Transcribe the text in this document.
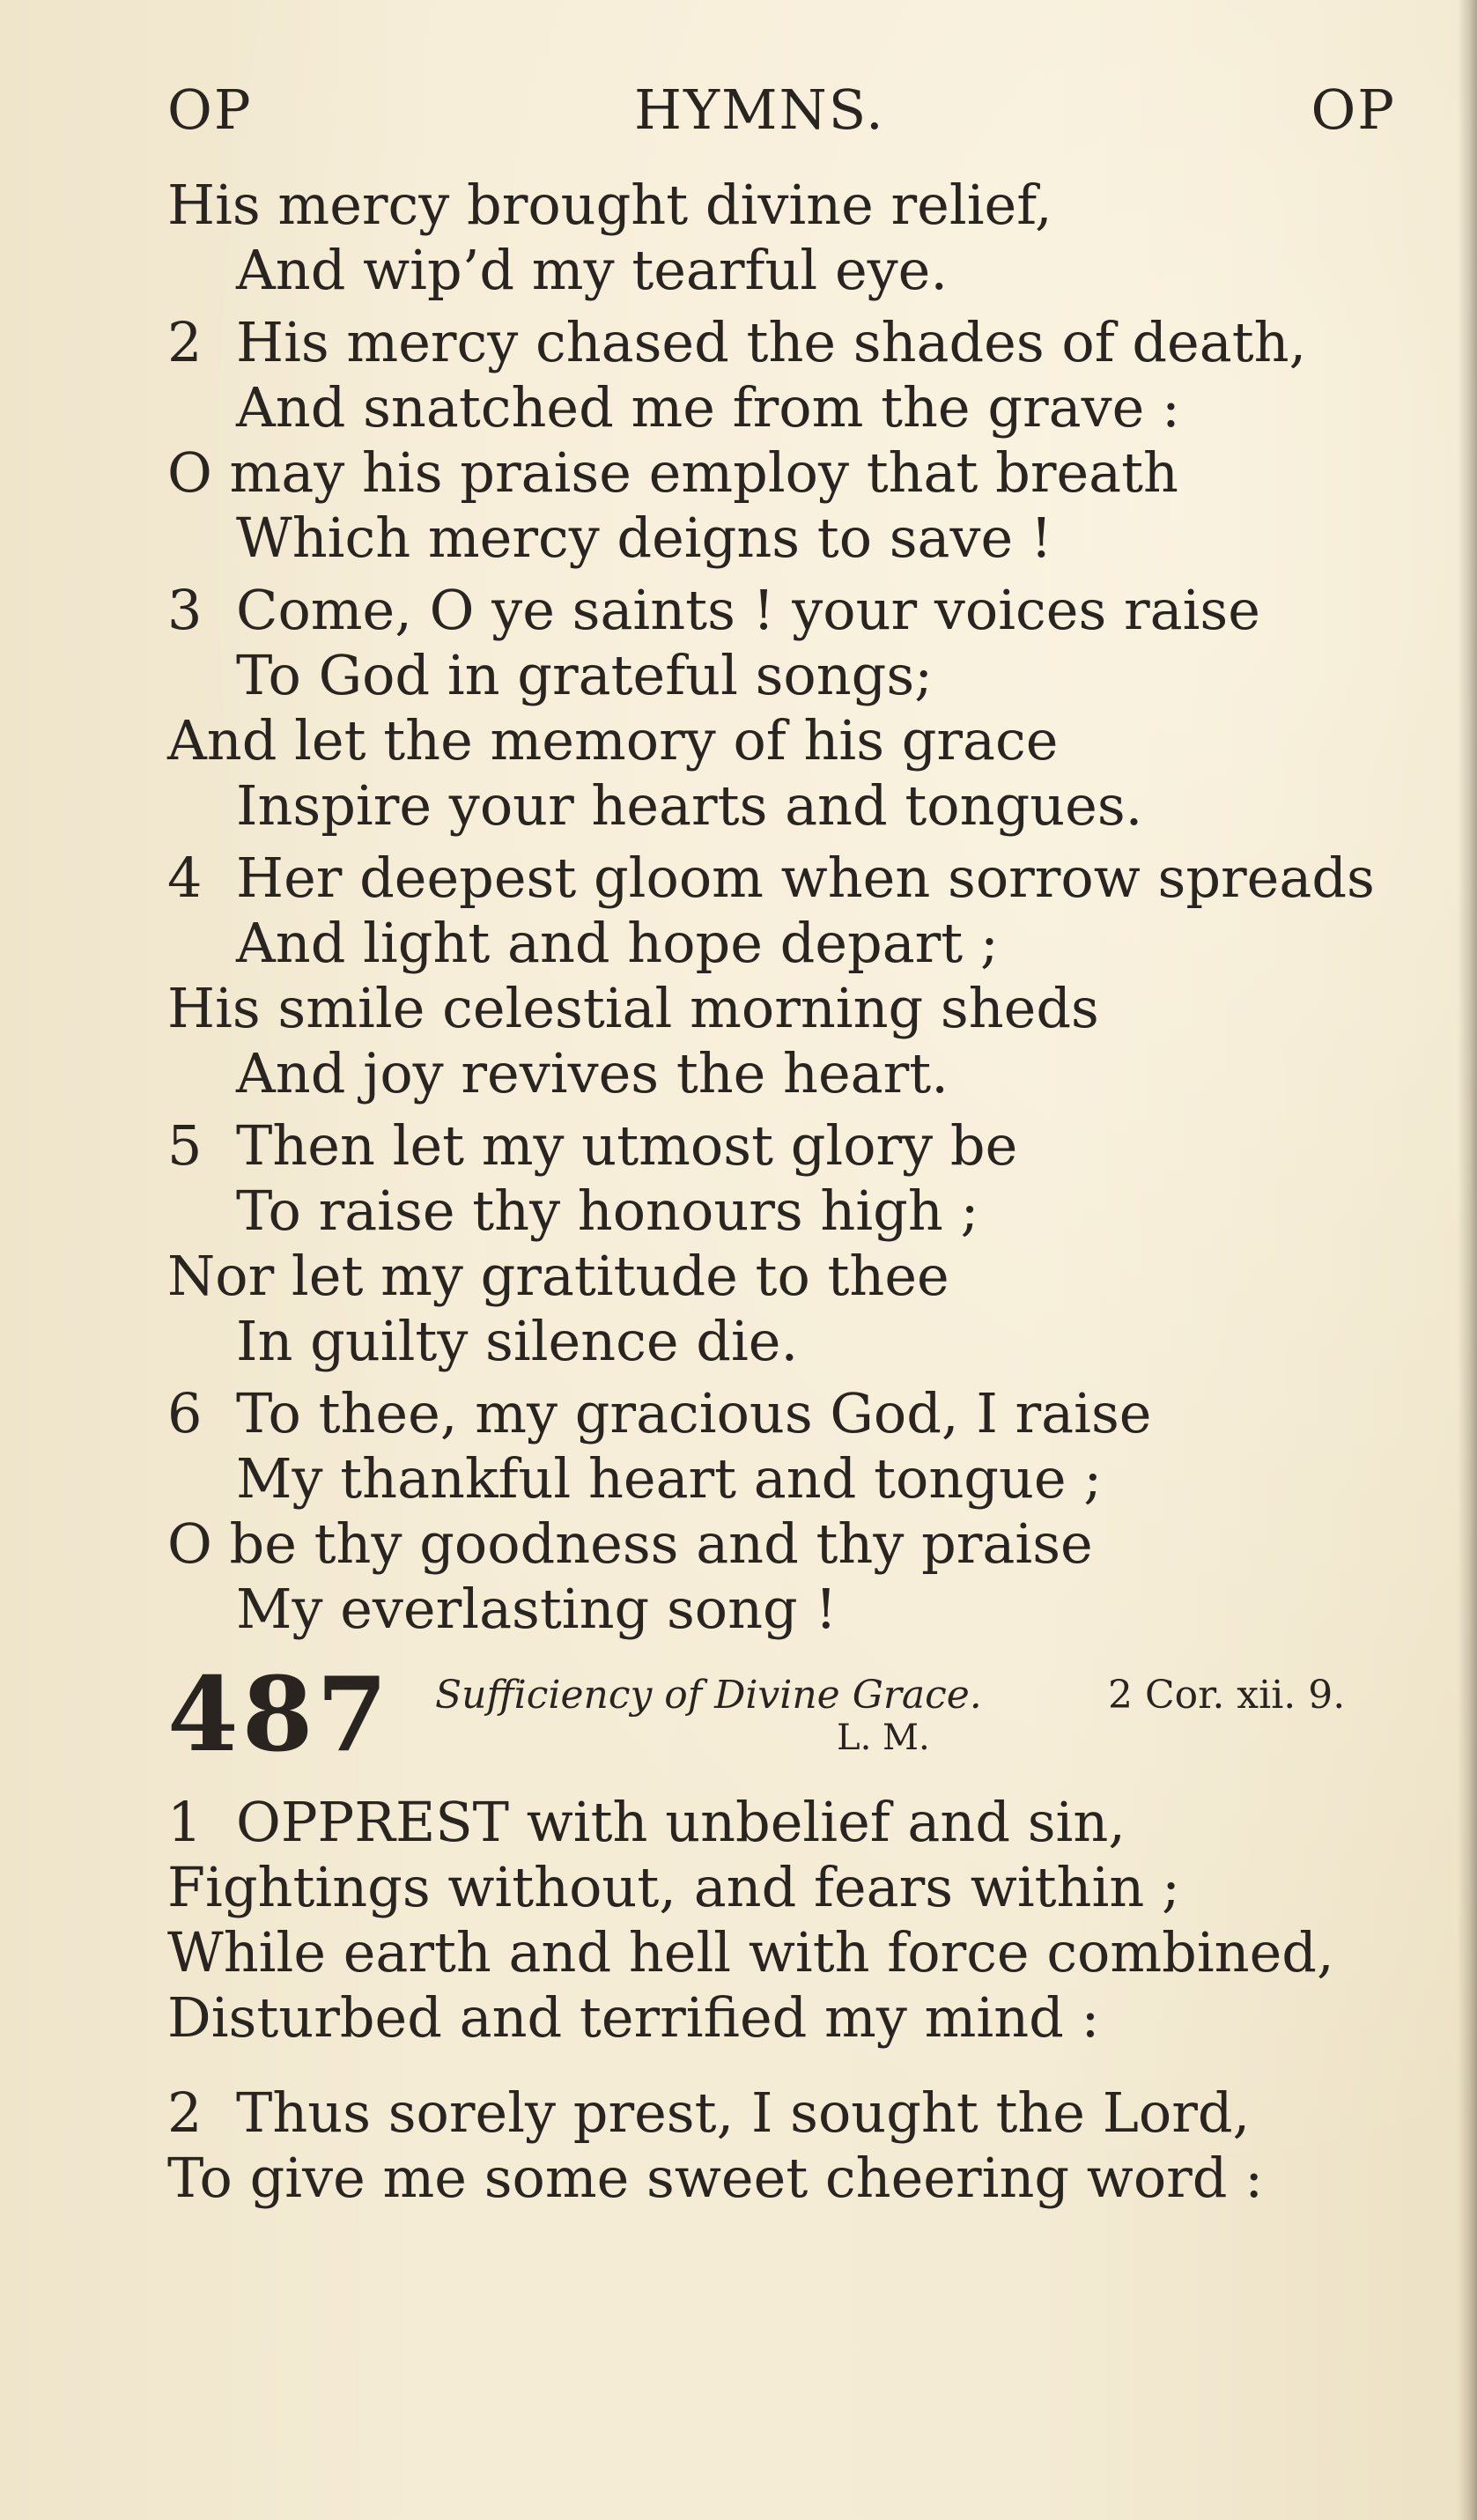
OP	HYMNS.	OP
His mercy brought divine relief,
And wip’d my tearful eye.
2 His mercy chased the shades of death,
And snatched me from the grave :
O may his praise employ that breath
Which mercy deigns to save !
3 Come, O ye saints ! your voices raise
To God in grateful songs;
And let the memory of his grace
Inspire your hearts and tongues.
4 Her deepest gloom when sorrow spreads
And light and hope depart ;
His smile celestial morning sheds
And joy revives the heart.
5 Then let my utmost glory be
To raise thy honours high ;
Nor let my gratitude to thee
In guilty silence die.
6 To thee, my gracious God, I raise
My thankful heart and tongue ;
O be thy goodness and thy praise
My everlasting song !
487 Sufficiency of Divine Grace.	2 Cor. xii. 9.
L. M.
1 OPPREST with unbelief and sin,
Fightings without, and fears within ;
While earth and hell with force combined,
Disturbed and terrified my mind :
2 Thus sorely prest, I sought the Lord,
To give me some sweet cheering word :
